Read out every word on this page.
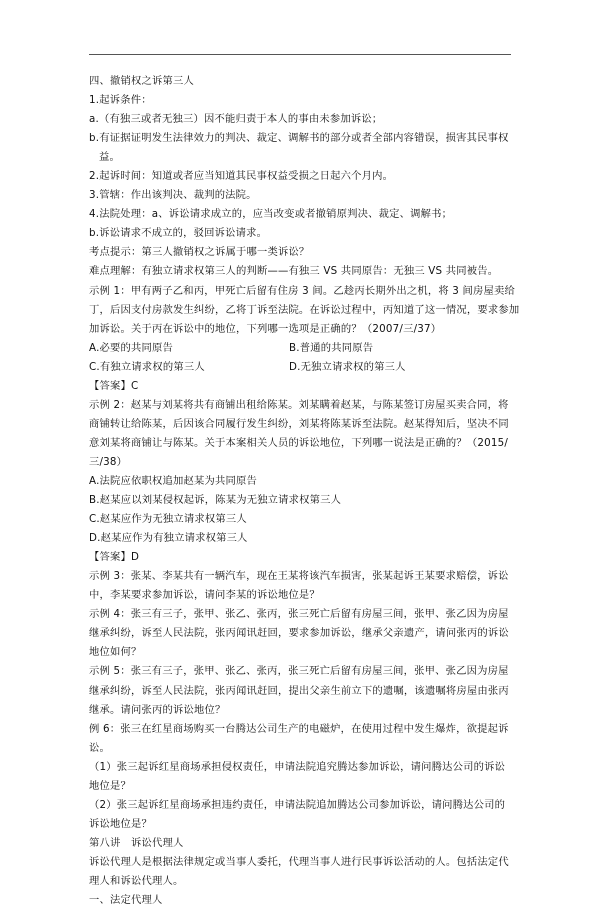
四、撤销权之诉第三人
1.起诉条件：
a.（有独三或者无独三）因不能归责于本人的事由未参加诉讼；
b.有证据证明发生法律效力的判决、裁定、调解书的部分或者全部内容错误，损害其民事权
益。
2.起诉时间：知道或者应当知道其民事权益受损之日起六个月内。
3.管辖：作出该判决、裁判的法院。
4.法院处理：a、诉讼请求成立的，应当改变或者撤销原判决、裁定、调解书；
b.诉讼请求不成立的，驳回诉讼请求。
考点提示：第三人撤销权之诉属于哪一类诉讼？
难点理解：有独立请求权第三人的判断——有独三 VS 共同原告：无独三 VS 共同被告。
示例 1：甲有两子乙和丙，甲死亡后留有住房 3 间。乙趁丙长期外出之机，将 3 间房屋卖给
丁，后因支付房款发生纠纷，乙将丁诉至法院。在诉讼过程中，丙知道了这一情况，要求参加
加诉讼。关于丙在诉讼中的地位，下列哪一选项是正确的？（2007/三/37）
A.必要的共同原告	B.普通的共同原告
C.有独立请求权的第三人	D.无独立请求权的第三人
【答案】C
示例 2：赵某与刘某将共有商铺出租给陈某。刘某瞒着赵某，与陈某签订房屋买卖合同，将
商铺转让给陈某，后因该合同履行发生纠纷，刘某将陈某诉至法院。赵某得知后，坚决不同
意刘某将商铺让与陈某。关于本案相关人员的诉讼地位，下列哪一说法是正确的？（2015/
三/38）
A.法院应依职权追加赵某为共同原告
B.赵某应以刘某侵权起诉，陈某为无独立请求权第三人
C.赵某应作为无独立请求权第三人
D.赵某应作为有独立请求权第三人
【答案】D
示例 3：张某、李某共有一辆汽车，现在王某将该汽车损害，张某起诉王某要求赔偿，诉讼
中，李某要求参加诉讼，请问李某的诉讼地位是？
示例 4：张三有三子，张甲、张乙、张丙，张三死亡后留有房屋三间，张甲、张乙因为房屋
继承纠纷，诉至人民法院，张丙闻讯赶回，要求参加诉讼，继承父亲遗产，请问张丙的诉讼
地位如何？
示例 5：张三有三子，张甲、张乙、张丙，张三死亡后留有房屋三间，张甲、张乙因为房屋
继承纠纷，诉至人民法院，张丙闻讯赶回，提出父亲生前立下的遗嘱，该遗嘱将房屋由张丙
继承。请问张丙的诉讼地位？
例 6：张三在红星商场购买一台腾达公司生产的电磁炉，在使用过程中发生爆炸，欲提起诉
讼。
（1）张三起诉红星商场承担侵权责任，申请法院追究腾达参加诉讼，请问腾达公司的诉讼
地位是？
（2）张三起诉红星商场承担违约责任，申请法院追加腾达公司参加诉讼，请问腾达公司的
诉讼地位是？
第八讲　诉讼代理人
诉讼代理人是根据法律规定或当事人委托，代理当事人进行民事诉讼活动的人。包括法定代
理人和诉讼代理人。
一、法定代理人
